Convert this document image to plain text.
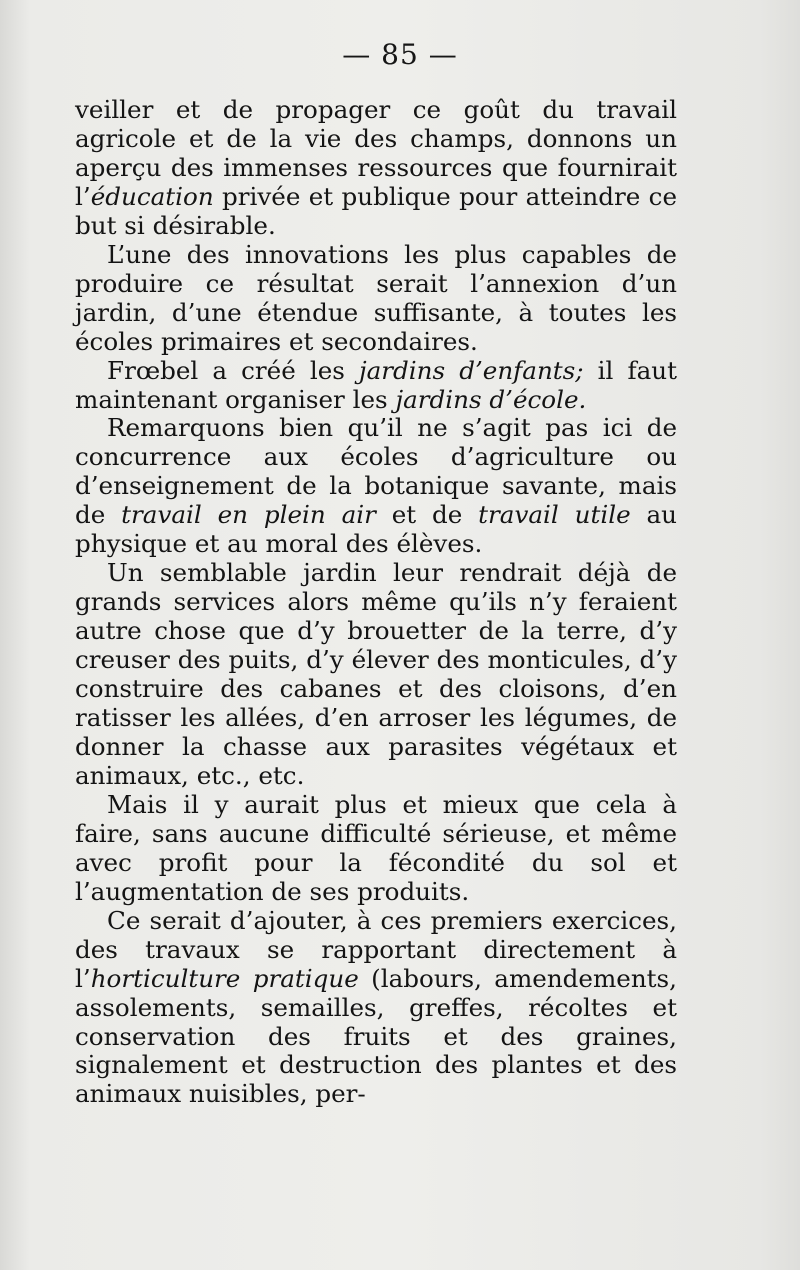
— 85 —

veiller et de propager ce goût du travail agricole et de la vie des champs, donnons un aperçu des immenses ressources que fournirait l’éducation privée et publique pour atteindre ce but si désirable.

L’une des innovations les plus capables de produire ce résultat serait l’annexion d’un jardin, d’une étendue suffisante, à toutes les écoles primaires et secondaires.

Frœbel a créé les jardins d’enfants; il faut maintenant organiser les jardins d’école.

Remarquons bien qu’il ne s’agit pas ici de concurrence aux écoles d’agriculture ou d’enseignement de la botanique savante, mais de travail en plein air et de travail utile au physique et au moral des élèves.

Un semblable jardin leur rendrait déjà de grands services alors même qu’ils n’y feraient autre chose que d’y brouetter de la terre, d’y creuser des puits, d’y élever des monticules, d’y construire des cabanes et des cloisons, d’en ratisser les allées, d’en arroser les légumes, de donner la chasse aux parasites végétaux et animaux, etc., etc.

Mais il y aurait plus et mieux que cela à faire, sans aucune difficulté sérieuse, et même avec profit pour la fécondité du sol et l’augmentation de ses produits.

Ce serait d’ajouter, à ces premiers exercices, des travaux se rapportant directement à l’horticulture pratique (labours, amendements, assolements, semailles, greffes, récoltes et conservation des fruits et des graines, signalement et destruction des plantes et des animaux nuisibles, per-
